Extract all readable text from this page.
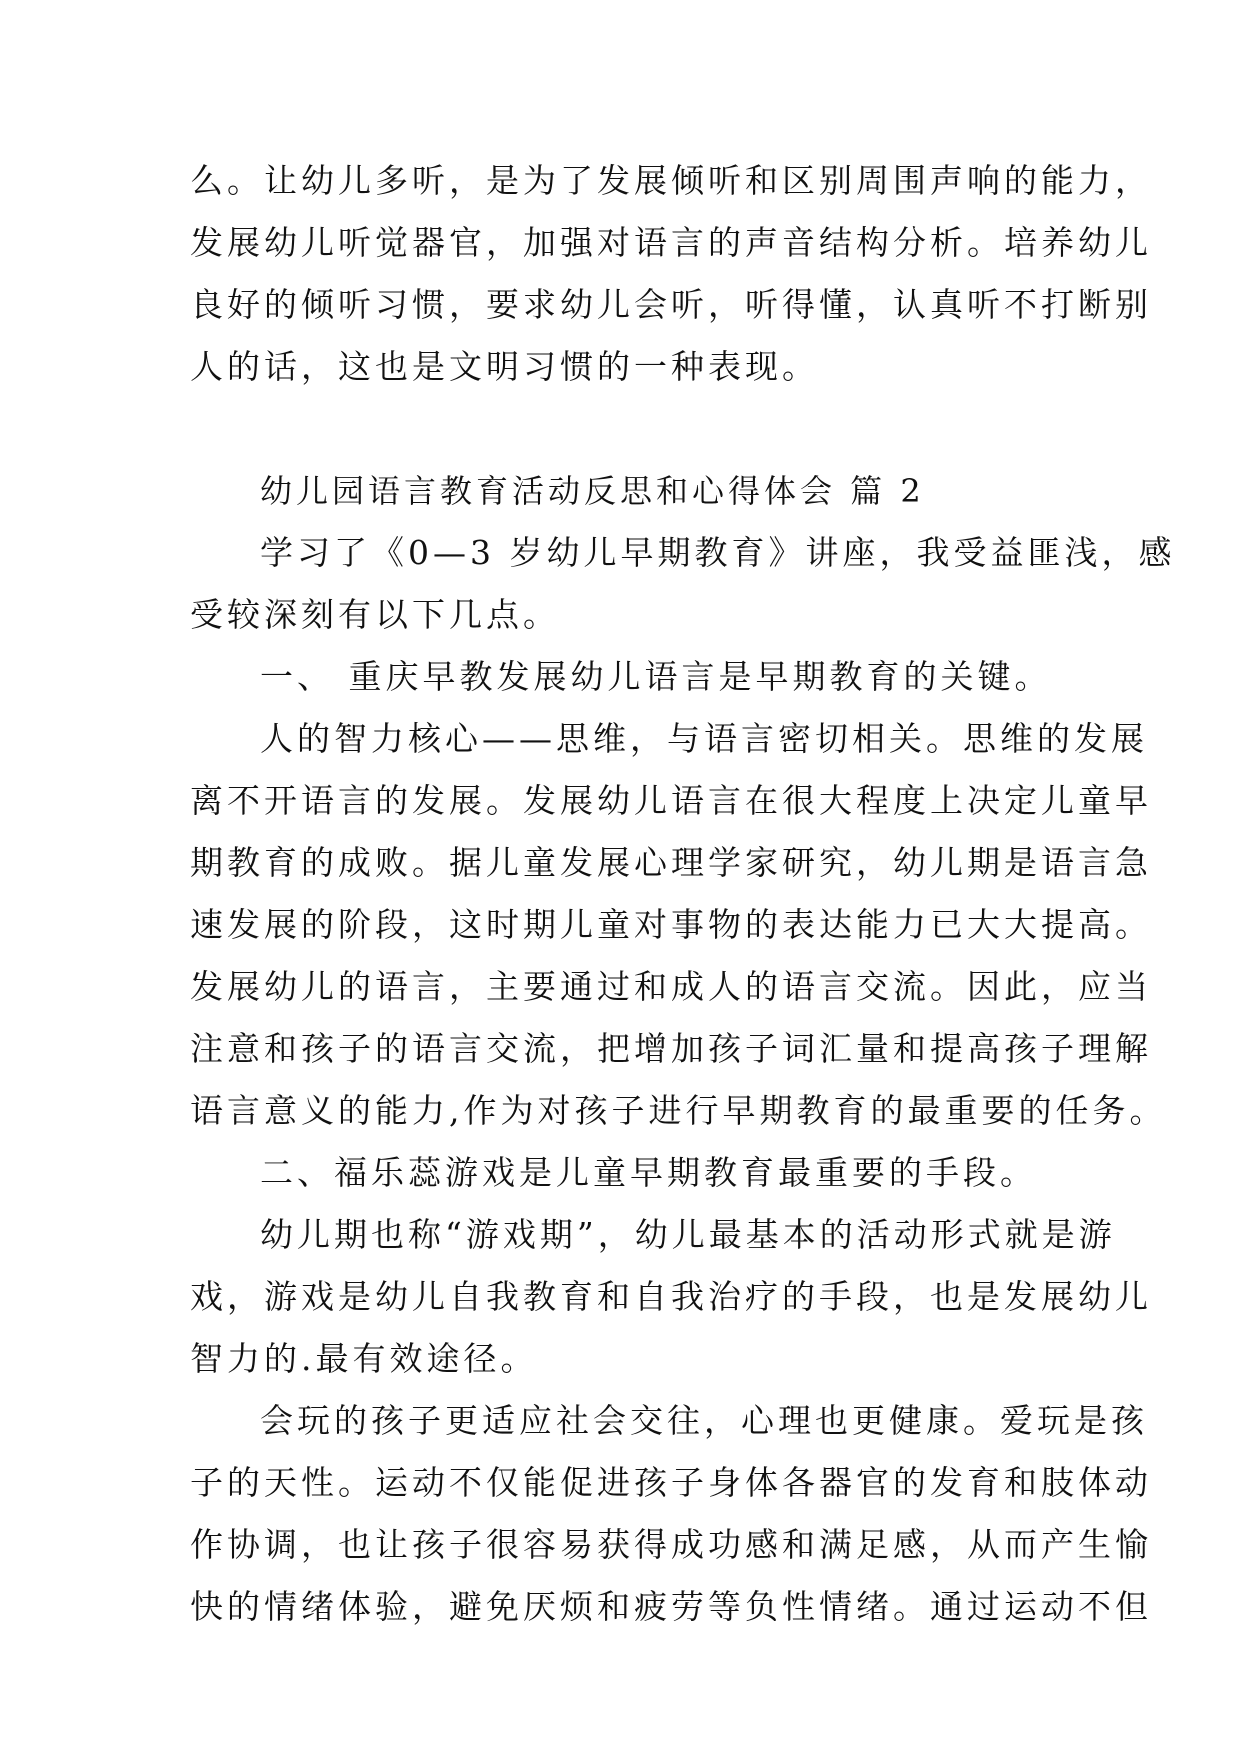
么。让幼儿多听，是为了发展倾听和区别周围声响的能力，
发展幼儿听觉器官，加强对语言的声音结构分析。培养幼儿
良好的倾听习惯，要求幼儿会听，听得懂，认真听不打断别
人的话，这也是文明习惯的一种表现。
幼儿园语言教育活动反思和心得体会 篇 2
学习了《0—3 岁幼儿早期教育》讲座，我受益匪浅，感
受较深刻有以下几点。
一、 重庆早教发展幼儿语言是早期教育的关键。
人的智力核心——思维，与语言密切相关。思维的发展
离不开语言的发展。发展幼儿语言在很大程度上决定儿童早
期教育的成败。据儿童发展心理学家研究，幼儿期是语言急
速发展的阶段，这时期儿童对事物的表达能力已大大提高。
发展幼儿的语言，主要通过和成人的语言交流。因此，应当
注意和孩子的语言交流，把增加孩子词汇量和提高孩子理解
语言意义的能力,作为对孩子进行早期教育的最重要的任务。
二、福乐蕊游戏是儿童早期教育最重要的手段。
幼儿期也称“游戏期”，幼儿最基本的活动形式就是游
戏，游戏是幼儿自我教育和自我治疗的手段，也是发展幼儿
智力的.最有效途径。
会玩的孩子更适应社会交往，心理也更健康。爱玩是孩
子的天性。运动不仅能促进孩子身体各器官的发育和肢体动
作协调，也让孩子很容易获得成功感和满足感，从而产生愉
快的情绪体验，避免厌烦和疲劳等负性情绪。通过运动不但
